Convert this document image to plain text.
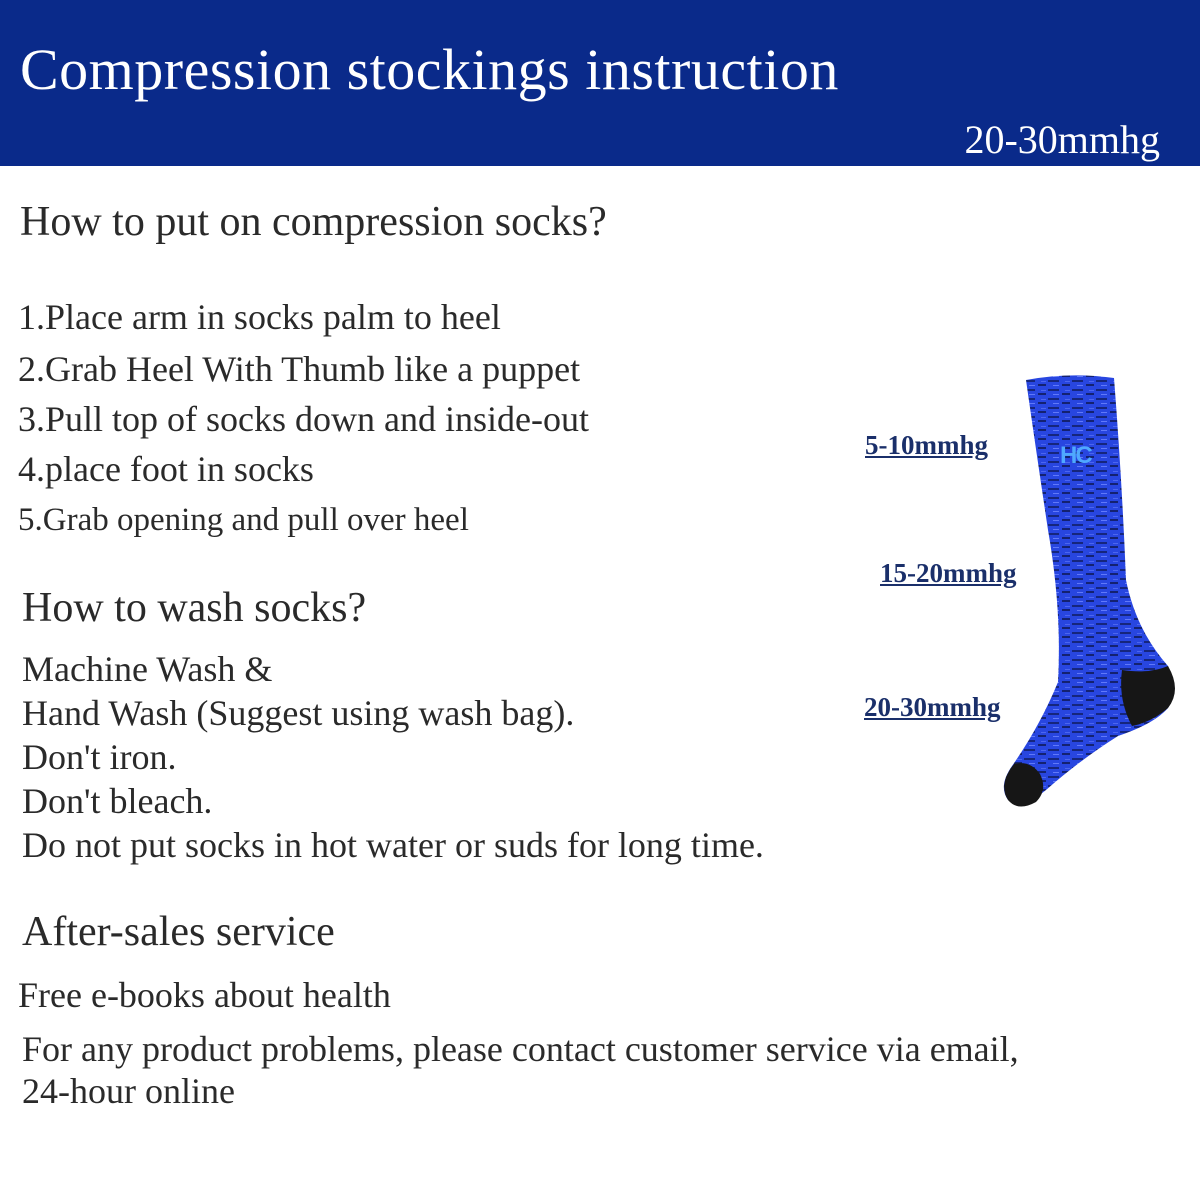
Compression stockings instruction
20-30mmhg
How to put on compression socks?
1.Place arm in socks palm to heel
2.Grab Heel With Thumb like a puppet
3.Pull top of socks down and inside-out
4.place foot in socks
5.Grab opening and pull over heel
How to wash socks?
Machine Wash &
Hand Wash (Suggest using wash bag).
Don't iron.
Don't bleach.
Do not put socks in hot water or suds for long time.
After-sales service
Free e-books about health
For any product problems, please contact customer service via email,
24-hour online
HC
5-10mmhg
15-20mmhg
20-30mmhg
